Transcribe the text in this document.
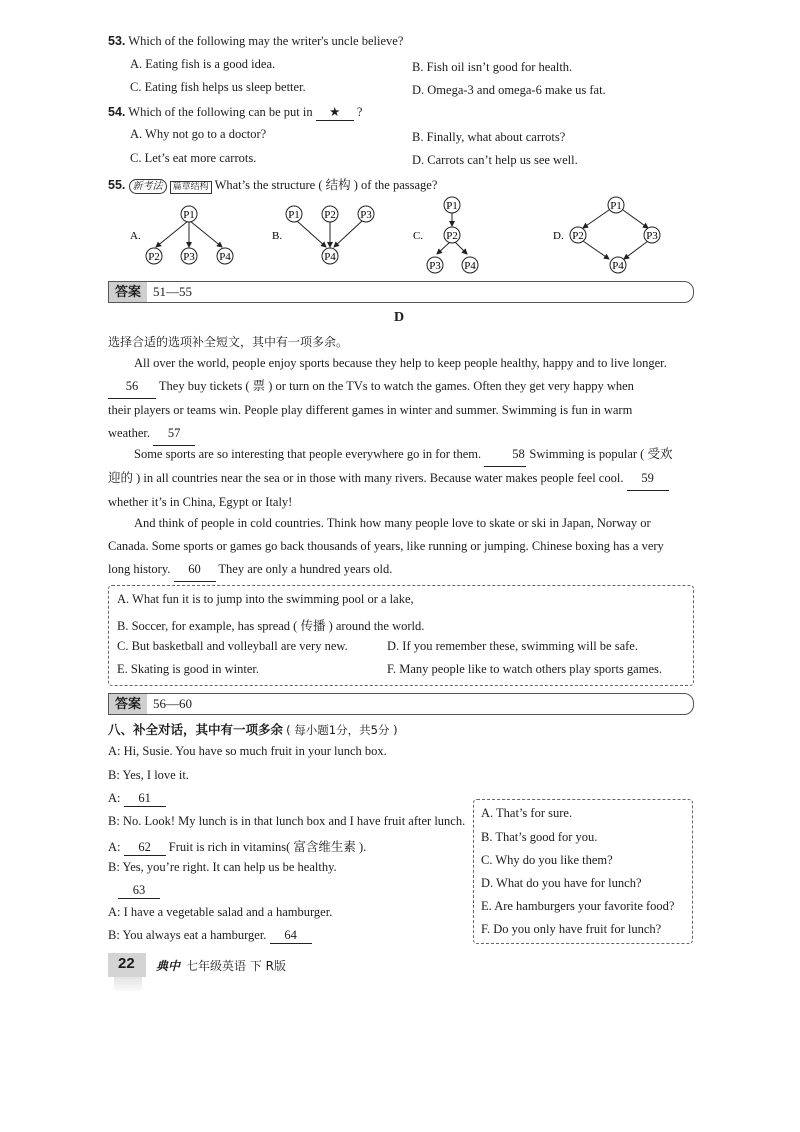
53. Which of the following may the writer's uncle believe?
A. Eating fish is a good idea.	B. Fish oil isn’t good for health.
C. Eating fish helps us sleep better.	D. Omega-3 and omega-6 make us fat.
54. Which of the following can be put in ★ ?
A. Why not go to a doctor?	B. Finally, what about carrots?
C. Let’s eat more carrots.	D. Carrots can’t help us see well.
55. 新考法 篇章结构 What’s the structure ( 结构 ) of the passage?
A.
P1
P2 P3 P4
B.
P1 P2 P3
P4
C.
P1
P2
P3 P4
D.
P1
P2	P3
P4
答案 51—55
D
选择合适的选项补全短文，其中有一项多余。
All over the world, people enjoy sports because they help to keep people healthy, happy and to live longer.
56 They buy tickets ( 票 ) or turn on the TVs to watch the games. Often they get very happy when
their players or teams win. People play different games in winter and summer. Swimming is fun in warm
weather. 57
Some sports are so interesting that people everywhere go in for them. 58 Swimming is popular ( 受欢
迎的 ) in all countries near the sea or in those with many rivers. Because water makes people feel cool. 59
whether it’s in China, Egypt or Italy!
And think of people in cold countries. Think how many people love to skate or ski in Japan, Norway or
Canada. Some sports or games go back thousands of years, like running or jumping. Chinese boxing has a very
long history. 60 They are only a hundred years old.
A. What fun it is to jump into the swimming pool or a lake,
B. Soccer, for example, has spread ( 传播 ) around the world.
C. But basketball and volleyball are very new.	D. If you remember these, swimming will be safe.
E. Skating is good in winter.	F. Many people like to watch others play sports games.
答案 56—60
八、补全对话，其中有一项多余 ( 每小题1分，共5分 )
A: Hi, Susie. You have so much fruit in your lunch box.
B: Yes, I love it.
A: 61
B: No. Look! My lunch is in that lunch box and I have fruit after lunch.
A: 62 Fruit is rich in vitamins( 富含维生素 ).
B: Yes, you’re right. It can help us be healthy.
63
A: I have a vegetable salad and a hamburger.
B: You always eat a hamburger. 64
A. That’s for sure.
B. That’s good for you.
C. Why do you like them?
D. What do you have for lunch?
E. Are hamburgers your favorite food?
F. Do you only have fruit for lunch?
22 典中 七年级英语 下 R版
